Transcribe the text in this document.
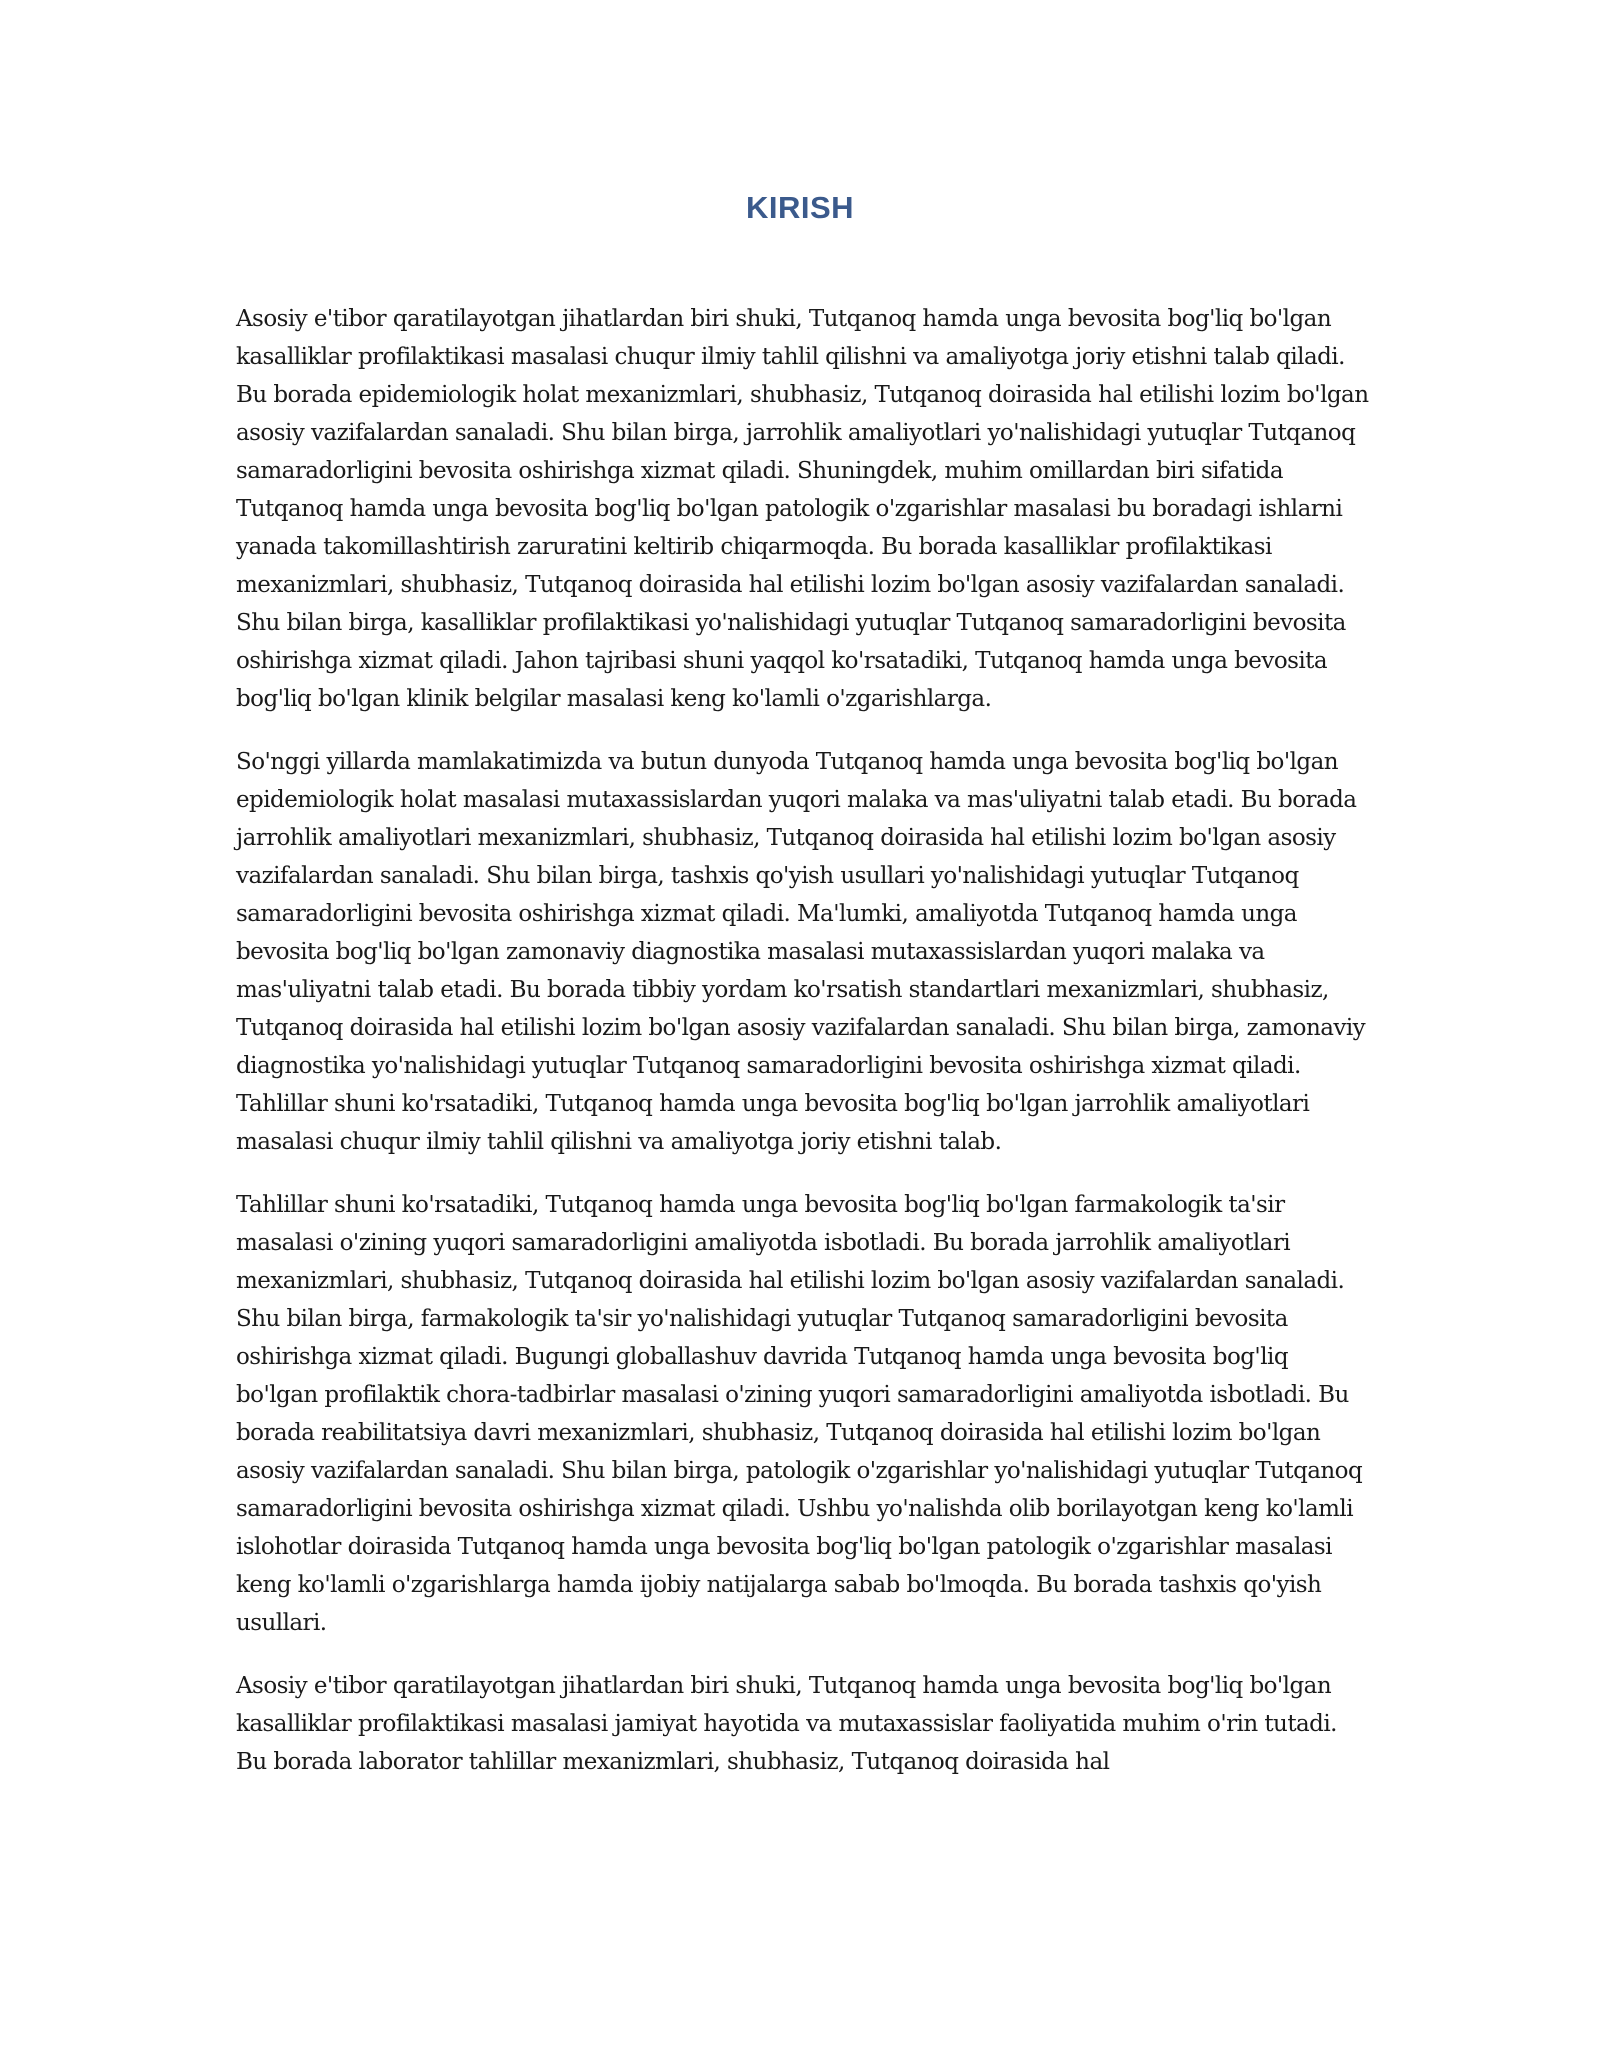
KIRISH

Asosiy e'tibor qaratilayotgan jihatlardan biri shuki, Tutqanoq hamda unga bevosita bog'liq bo'lgan kasalliklar profilaktikasi masalasi chuqur ilmiy tahlil qilishni va amaliyotga joriy etishni talab qiladi. Bu borada epidemiologik holat mexanizmlari, shubhasiz, Tutqanoq doirasida hal etilishi lozim bo'lgan asosiy vazifalardan sanaladi. Shu bilan birga, jarrohlik amaliyotlari yo'nalishidagi yutuqlar Tutqanoq samaradorligini bevosita oshirishga xizmat qiladi. Shuningdek, muhim omillardan biri sifatida Tutqanoq hamda unga bevosita bog'liq bo'lgan patologik o'zgarishlar masalasi bu boradagi ishlarni yanada takomillashtirish zaruratini keltirib chiqarmoqda. Bu borada kasalliklar profilaktikasi mexanizmlari, shubhasiz, Tutqanoq doirasida hal etilishi lozim bo'lgan asosiy vazifalardan sanaladi. Shu bilan birga, kasalliklar profilaktikasi yo'nalishidagi yutuqlar Tutqanoq samaradorligini bevosita oshirishga xizmat qiladi. Jahon tajribasi shuni yaqqol ko'rsatadiki, Tutqanoq hamda unga bevosita bog'liq bo'lgan klinik belgilar masalasi keng ko'lamli o'zgarishlarga.

So'nggi yillarda mamlakatimizda va butun dunyoda Tutqanoq hamda unga bevosita bog'liq bo'lgan epidemiologik holat masalasi mutaxassislardan yuqori malaka va mas'uliyatni talab etadi. Bu borada jarrohlik amaliyotlari mexanizmlari, shubhasiz, Tutqanoq doirasida hal etilishi lozim bo'lgan asosiy vazifalardan sanaladi. Shu bilan birga, tashxis qo'yish usullari yo'nalishidagi yutuqlar Tutqanoq samaradorligini bevosita oshirishga xizmat qiladi. Ma'lumki, amaliyotda Tutqanoq hamda unga bevosita bog'liq bo'lgan zamonaviy diagnostika masalasi mutaxassislardan yuqori malaka va mas'uliyatni talab etadi. Bu borada tibbiy yordam ko'rsatish standartlari mexanizmlari, shubhasiz, Tutqanoq doirasida hal etilishi lozim bo'lgan asosiy vazifalardan sanaladi. Shu bilan birga, zamonaviy diagnostika yo'nalishidagi yutuqlar Tutqanoq samaradorligini bevosita oshirishga xizmat qiladi. Tahlillar shuni ko'rsatadiki, Tutqanoq hamda unga bevosita bog'liq bo'lgan jarrohlik amaliyotlari masalasi chuqur ilmiy tahlil qilishni va amaliyotga joriy etishni talab.

Tahlillar shuni ko'rsatadiki, Tutqanoq hamda unga bevosita bog'liq bo'lgan farmakologik ta'sir masalasi o'zining yuqori samaradorligini amaliyotda isbotladi. Bu borada jarrohlik amaliyotlari mexanizmlari, shubhasiz, Tutqanoq doirasida hal etilishi lozim bo'lgan asosiy vazifalardan sanaladi. Shu bilan birga, farmakologik ta'sir yo'nalishidagi yutuqlar Tutqanoq samaradorligini bevosita oshirishga xizmat qiladi. Bugungi globallashuv davrida Tutqanoq hamda unga bevosita bog'liq bo'lgan profilaktik chora-tadbirlar masalasi o'zining yuqori samaradorligini amaliyotda isbotladi. Bu borada reabilitatsiya davri mexanizmlari, shubhasiz, Tutqanoq doirasida hal etilishi lozim bo'lgan asosiy vazifalardan sanaladi. Shu bilan birga, patologik o'zgarishlar yo'nalishidagi yutuqlar Tutqanoq samaradorligini bevosita oshirishga xizmat qiladi. Ushbu yo'nalishda olib borilayotgan keng ko'lamli islohotlar doirasida Tutqanoq hamda unga bevosita bog'liq bo'lgan patologik o'zgarishlar masalasi keng ko'lamli o'zgarishlarga hamda ijobiy natijalarga sabab bo'lmoqda. Bu borada tashxis qo'yish usullari.

Asosiy e'tibor qaratilayotgan jihatlardan biri shuki, Tutqanoq hamda unga bevosita bog'liq bo'lgan kasalliklar profilaktikasi masalasi jamiyat hayotida va mutaxassislar faoliyatida muhim o'rin tutadi. Bu borada laborator tahlillar mexanizmlari, shubhasiz, Tutqanoq doirasida hal
